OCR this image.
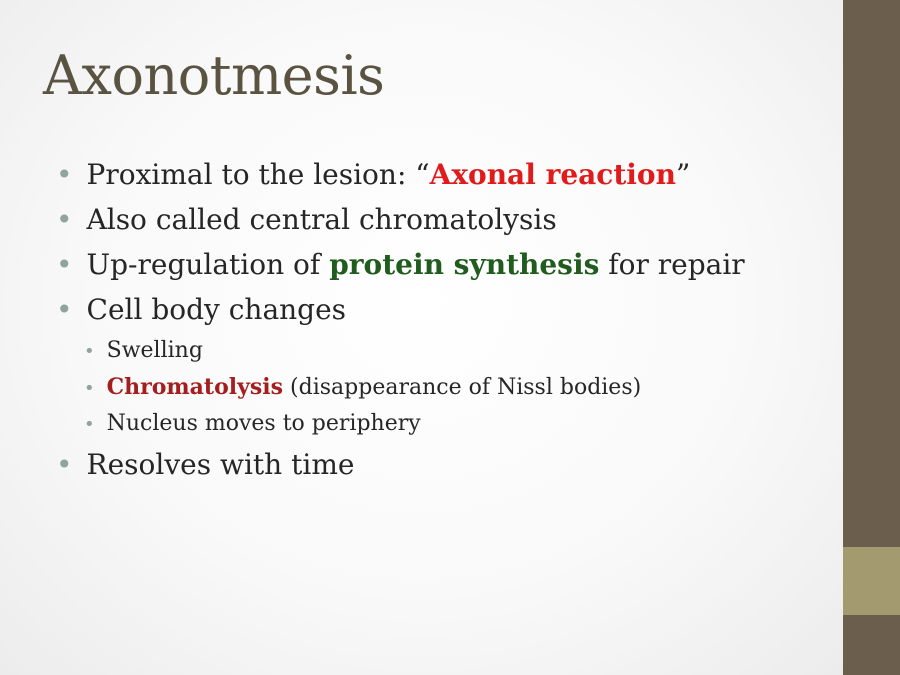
Axonotmesis
• Proximal to the lesion: “Axonal reaction”
• Also called central chromatolysis
• Up-regulation of protein synthesis for repair
• Cell body changes
• Swelling
• Chromatolysis (disappearance of Nissl bodies)
• Nucleus moves to periphery
• Resolves with time
